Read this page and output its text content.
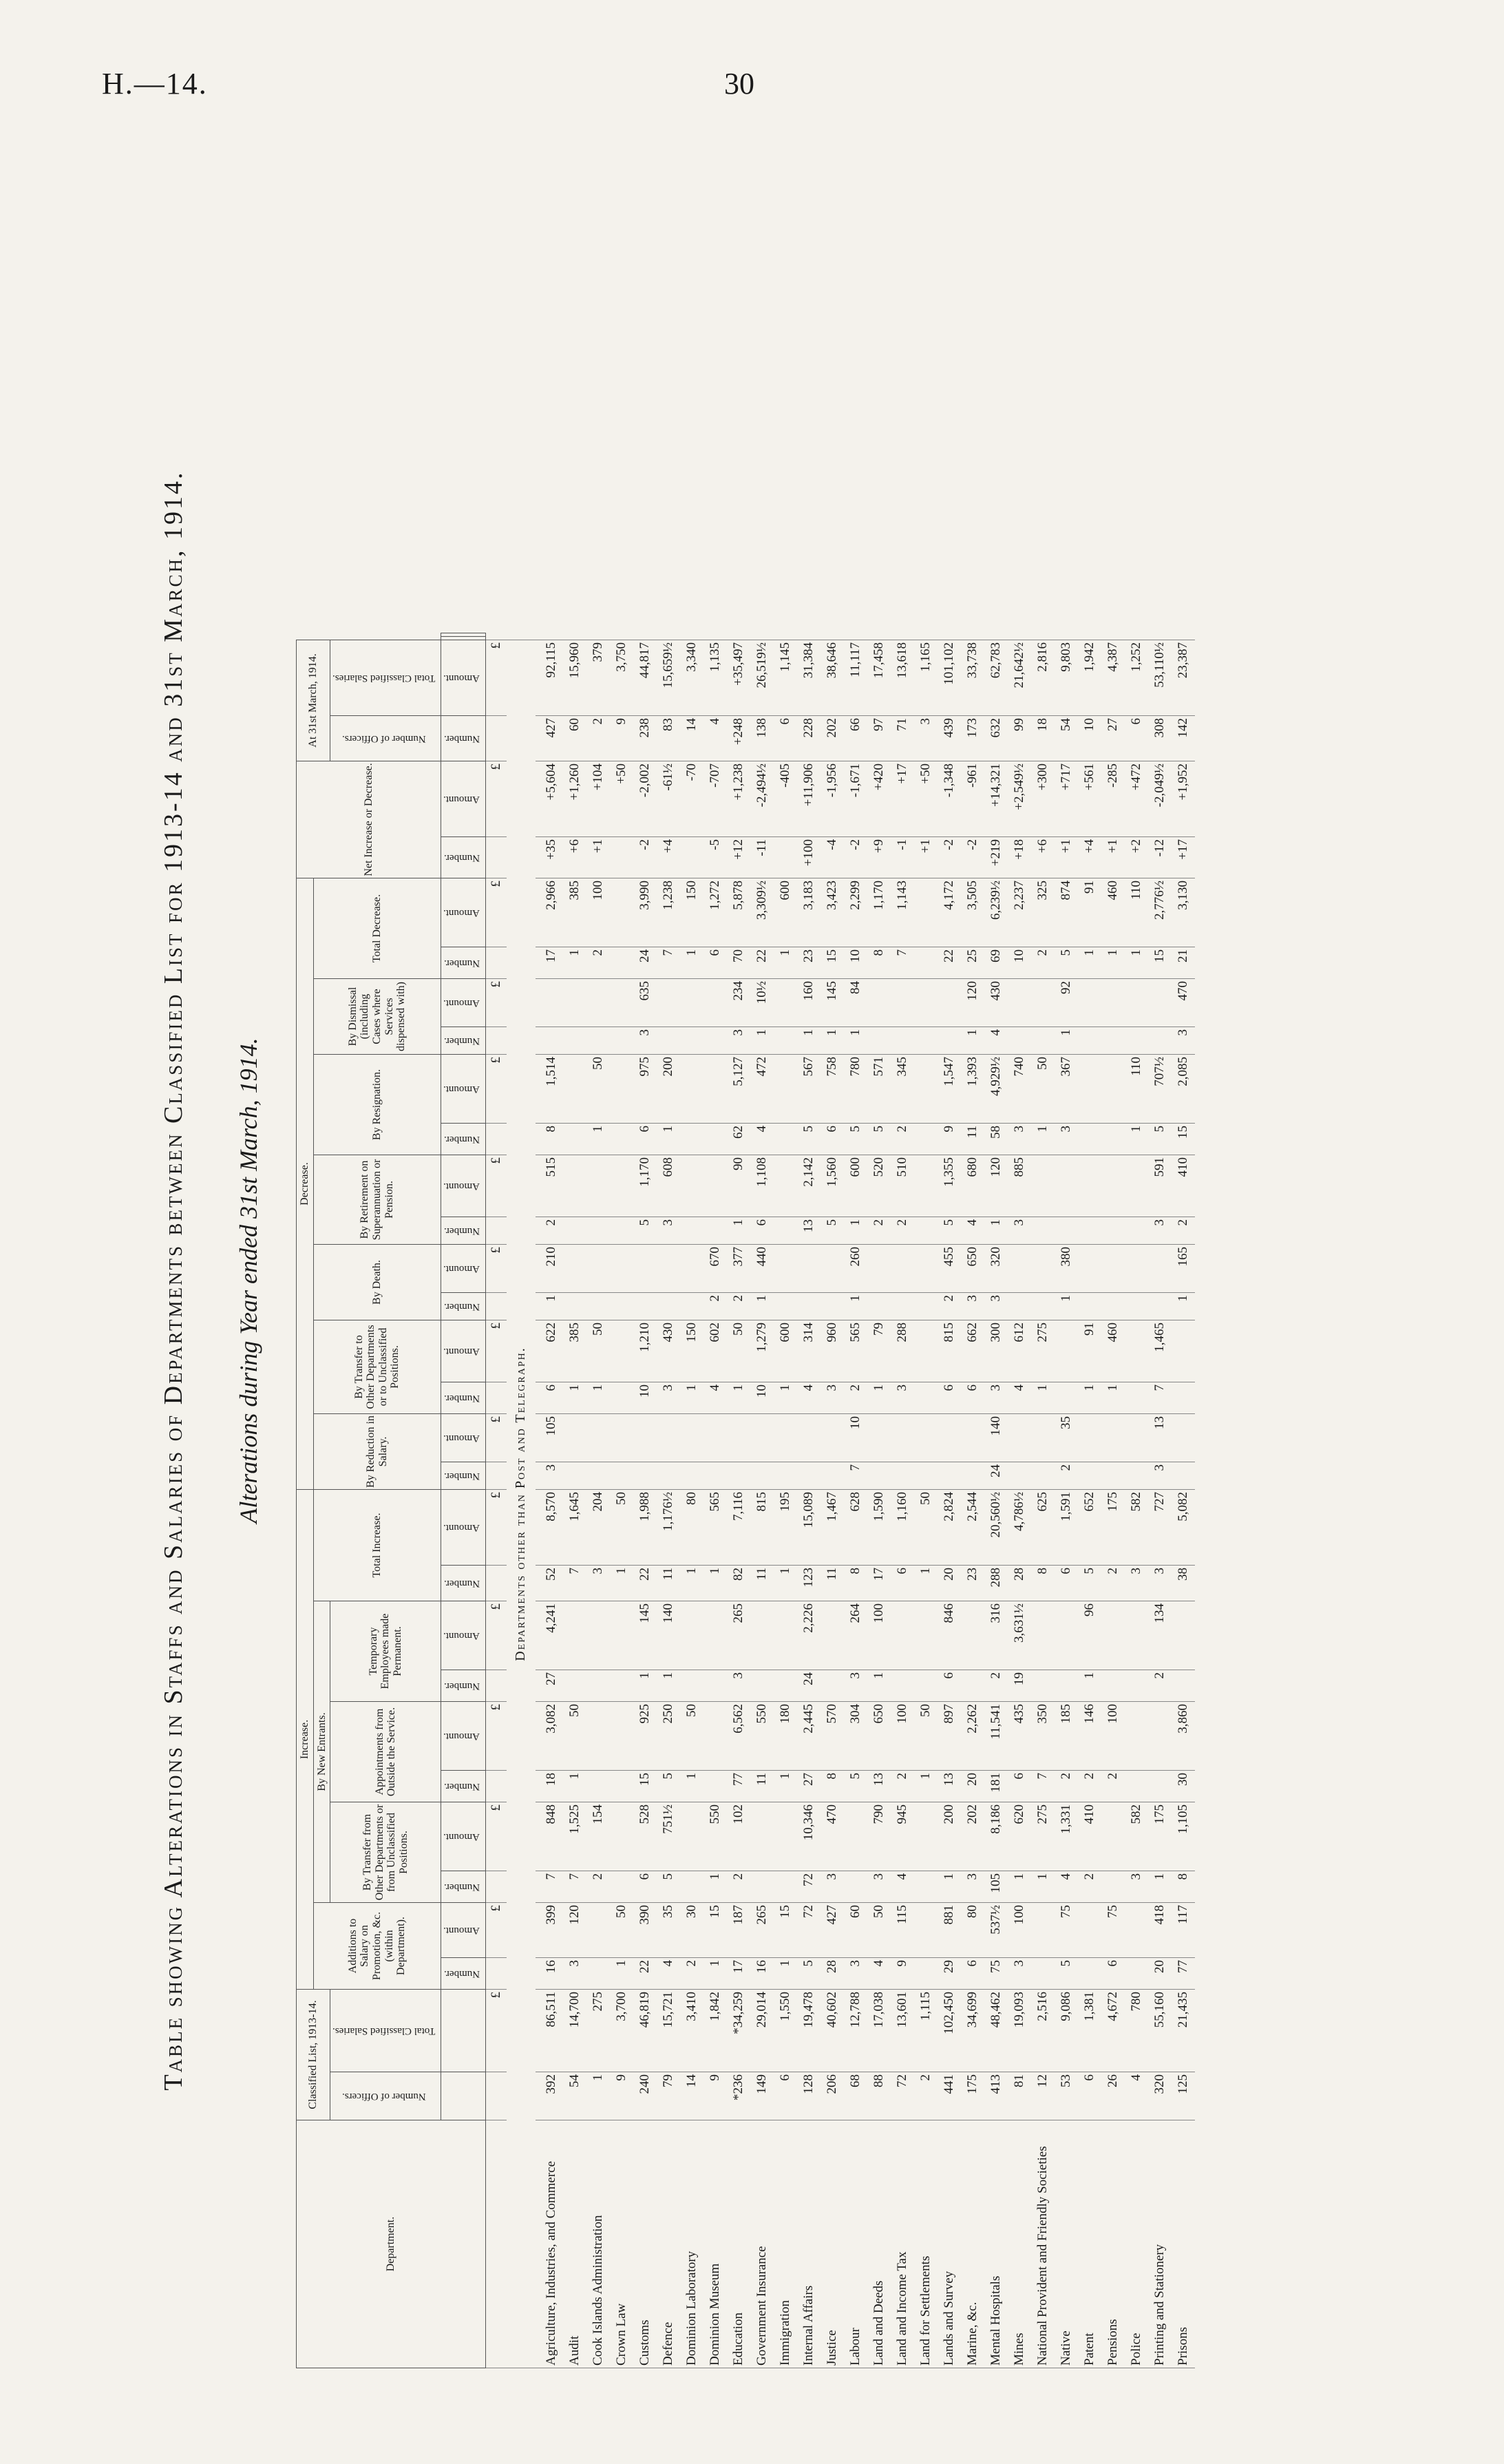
H.—14.	30
Table showing Alterations in Staffs and Salaries of Departments between Classified List for 1913-14 and 31st March, 1914. Alterations during Year ended 31st March, 1914.
Department.	Classified List, 1913-14.		Increase.										Decrease.														Net Increase or Decrease.		At 31st March, 1914.			
			Additions to Salary on Promotion, &c. (within Department).		By New Entrants.						Total Increase.		By Reduction in Salary.		By Transfer to Other Departments or to Unclassified Positions.		By Death.		By Retirement on Superannuation or Pension.		By Resignation.		By Dismissal (including Cases where Services dispensed with)		Total Decrease.							
	Number of Officers.	Total Classified Salaries.			By Transfer from Other Departments or from Unclassified Positions.		Appointments from Outside the Service.		Temporary Employees made Permanent.																				Number of Officers.	Total Classified Salaries.		
			Number.	Amount.	Number.	Amount.	Number.	Amount.	Number.	Amount.	Number.	Amount.	Number.	Amount.	Number.	Amount.	Number.	Amount.	Number.	Amount.	Number.	Amount.	Number.	Amount.	Number.	Amount.	Number.	Amount.	Number.	Amount.		
		£		£		£		£		£		£		£		£		£		£		£		£		£		£		£		
Departments other than Post and Telegraph.																																
Agriculture, Industries, and Commerce	392	86,511	16	399	7	848	18	3,082	27	4,241	52	8,570	3	105	6	622	1	210	2	515	8	1,514			17	2,966	+35	+5,604	427	92,115		
Audit	54	14,700	3	120	7	1,525	1	50			7	1,645			1	385									1	385	+6	+1,260	60	15,960		
Cook Islands Administration	1	275			2	154					3	204			1	50					1	50			2	100	+1	+104	2	379		
Crown Law	9	3,700	1	50							1	50																+50	9	3,750		
Customs	240	46,819	22	390	6	528	15	925	1	145	22	1,988			10	1,210			5	1,170	6	975	3	635	24	3,990	-2	-2,002	238	44,817		
Defence	79	15,721	4	35	5	751½	5	250	1	140	11	1,176½			3	430			3	608	1	200			7	1,238	+4	-61½	83	15,659½		
Dominion Laboratory	14	3,410	2	30			1	50			1	80			1	150									1	150		-70	14	3,340		
Dominion Museum	9	1,842	1	15	1	550					1	565			4	602	2	670							6	1,272	-5	-707	4	1,135		
Education	*236	*34,259	17	187	2	102	77	6,562	3	265	82	7,116			1	50	2	377	1	90	62	5,127	3	234	70	5,878	+12	+1,238	+248	+35,497		
Government Insurance	149	29,014	16	265			11	550			11	815			10	1,279	1	440	6	1,108	4	472	1	10½	22	3,309½	-11	-2,494½	138	26,519½		
Immigration	6	1,550	1	15			1	180			1	195			1	600									1	600		-405	6	1,145		
Internal Affairs	128	19,478	5	72	72	10,346	27	2,445	24	2,226	123	15,089			4	314			13	2,142	5	567	1	160	23	3,183	+100	+11,906	228	31,384		
Justice	206	40,602	28	427	3	470	8	570			11	1,467			3	960			5	1,560	6	758	1	145	15	3,423	-4	-1,956	202	38,646		
Labour	68	12,788	3	60			5	304	3	264	8	628	7	10	2	565	1	260	1	600	5	780	1	84	10	2,299	-2	-1,671	66	11,117		
Land and Deeds	88	17,038	4	50	3	790	13	650	1	100	17	1,590			1	79			2	520	5	571			8	1,170	+9	+420	97	17,458		
Land and Income Tax	72	13,601	9	115	4	945	2	100			6	1,160			3	288			2	510	2	345			7	1,143	-1	+17	71	13,618		
Land for Settlements	2	1,115					1	50			1	50															+1	+50	3	1,165		
Lands and Survey	441	102,450	29	881	1	200	13	897	6	846	20	2,824			6	815	2	455	5	1,355	9	1,547			22	4,172	-2	-1,348	439	101,102		
Marine, &c.	175	34,699	6	80	3	202	20	2,262			23	2,544			6	662	3	650	4	680	11	1,393	1	120	25	3,505	-2	-961	173	33,738		
Mental Hospitals	413	48,462	75	537½	105	8,186	181	11,541	2	316	288	20,560½	24	140	3	300	3	320	1	120	58	4,929½	4	430	69	6,239½	+219	+14,321	632	62,783		
Mines	81	19,093	3	100	1	620	6	435	19	3,631½	28	4,786½			4	612			3	885	3	740			10	2,237	+18	+2,549½	99	21,642½		
National Provident and Friendly Societies	12	2,516			1	275	7	350			8	625			1	275					1	50			2	325	+6	+300	18	2,816		
Native	53	9,086	5	75	4	1,331	2	185			6	1,591	2	35			1	380			3	367	1	92	5	874	+1	+717	54	9,803		
Patent	6	1,381			2	410	2	146	1	96	5	652			1	91									1	91	+4	+561	10	1,942		
Pensions	26	4,672	6	75			2	100			2	175			1	460									1	460	+1	-285	27	4,387		
Police	4	780			3	582					3	582									1	110			1	110	+2	+472	6	1,252		
Printing and Stationery	320	55,160	20	418	1	175			2	134	3	727	3	13	7	1,465			3	591	5	707½			15	2,776½	-12	-2,049½	308	53,110½		
Prisons	125	21,435	77	117	8	1,105	30	3,860			38	5,082					1	165	2	410	15	2,085	3	470	21	3,130	+17	+1,952	142	23,387		
